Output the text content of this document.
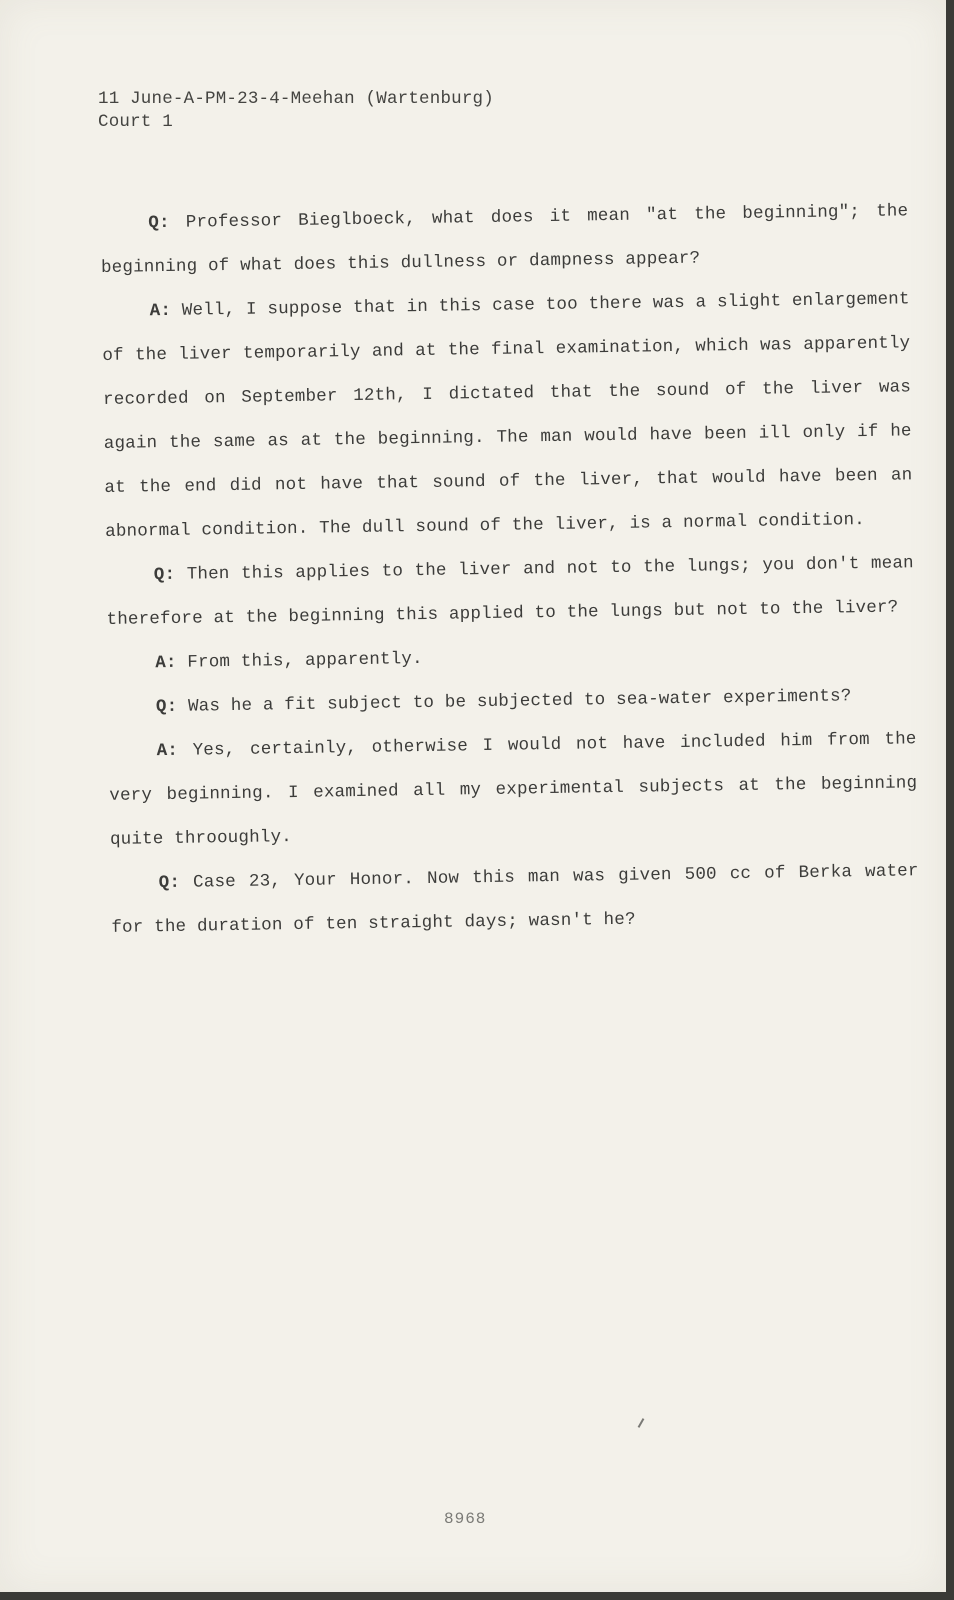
11 June-A-PM-23-4-Meehan (Wartenburg)
Court 1

Q: Professor Bieglboeck, what does it mean "at the beginning"; the beginning of what does this dullness or dampness appear?

A: Well, I suppose that in this case too there was a slight enlargement of the liver temporarily and at the final examination, which was apparently recorded on September 12th, I dictated that the sound of the liver was again the same as at the beginning. The man would have been ill only if he at the end did not have that sound of the liver, that would have been an abnormal condition. The dull sound of the liver, is a normal condition.

Q: Then this applies to the liver and not to the lungs; you don't mean therefore at the beginning this applied to the lungs but not to the liver?

A: From this, apparently.

Q: Was he a fit subject to be subjected to sea-water experiments?

A: Yes, certainly, otherwise I would not have included him from the very beginning. I examined all my experimental subjects at the beginning quite throoughly.

Q: Case 23, Your Honor. Now this man was given 500 cc of Berka water for the duration of ten straight days; wasn't he?

8968
